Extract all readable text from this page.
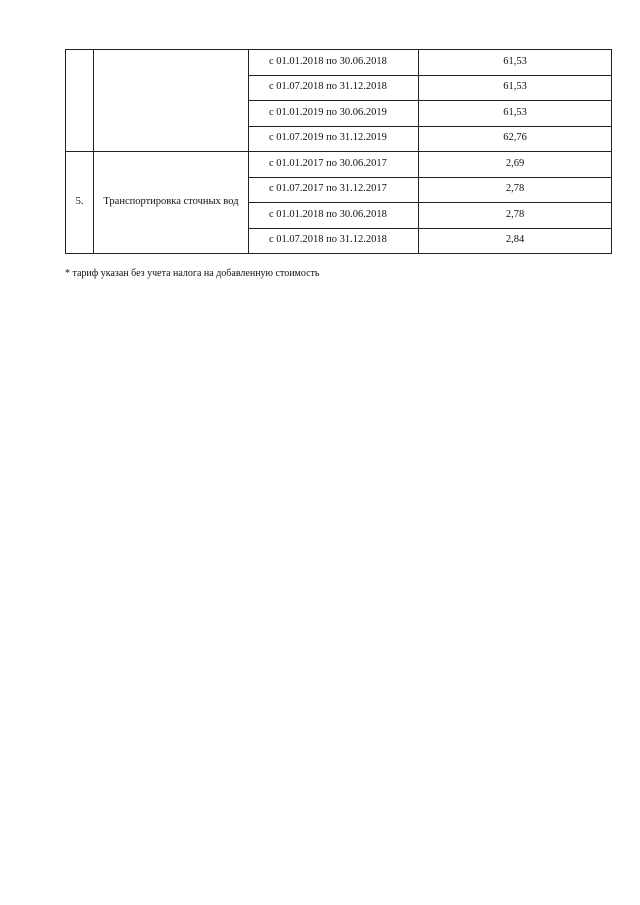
		с 01.01.2018 по 30.06.2018	61,53
		с 01.07.2018 по 31.12.2018	61,53
		с 01.01.2019 по 30.06.2019	61,53
		с 01.07.2019 по 31.12.2019	62,76
5.	Транспортировка сточных вод	с 01.01.2017 по 30.06.2017	2,69
		с 01.07.2017 по 31.12.2017	2,78
		с 01.01.2018 по 30.06.2018	2,78
		с 01.07.2018 по 31.12.2018	2,84
* тариф указан без учета налога на добавленную стоимость
